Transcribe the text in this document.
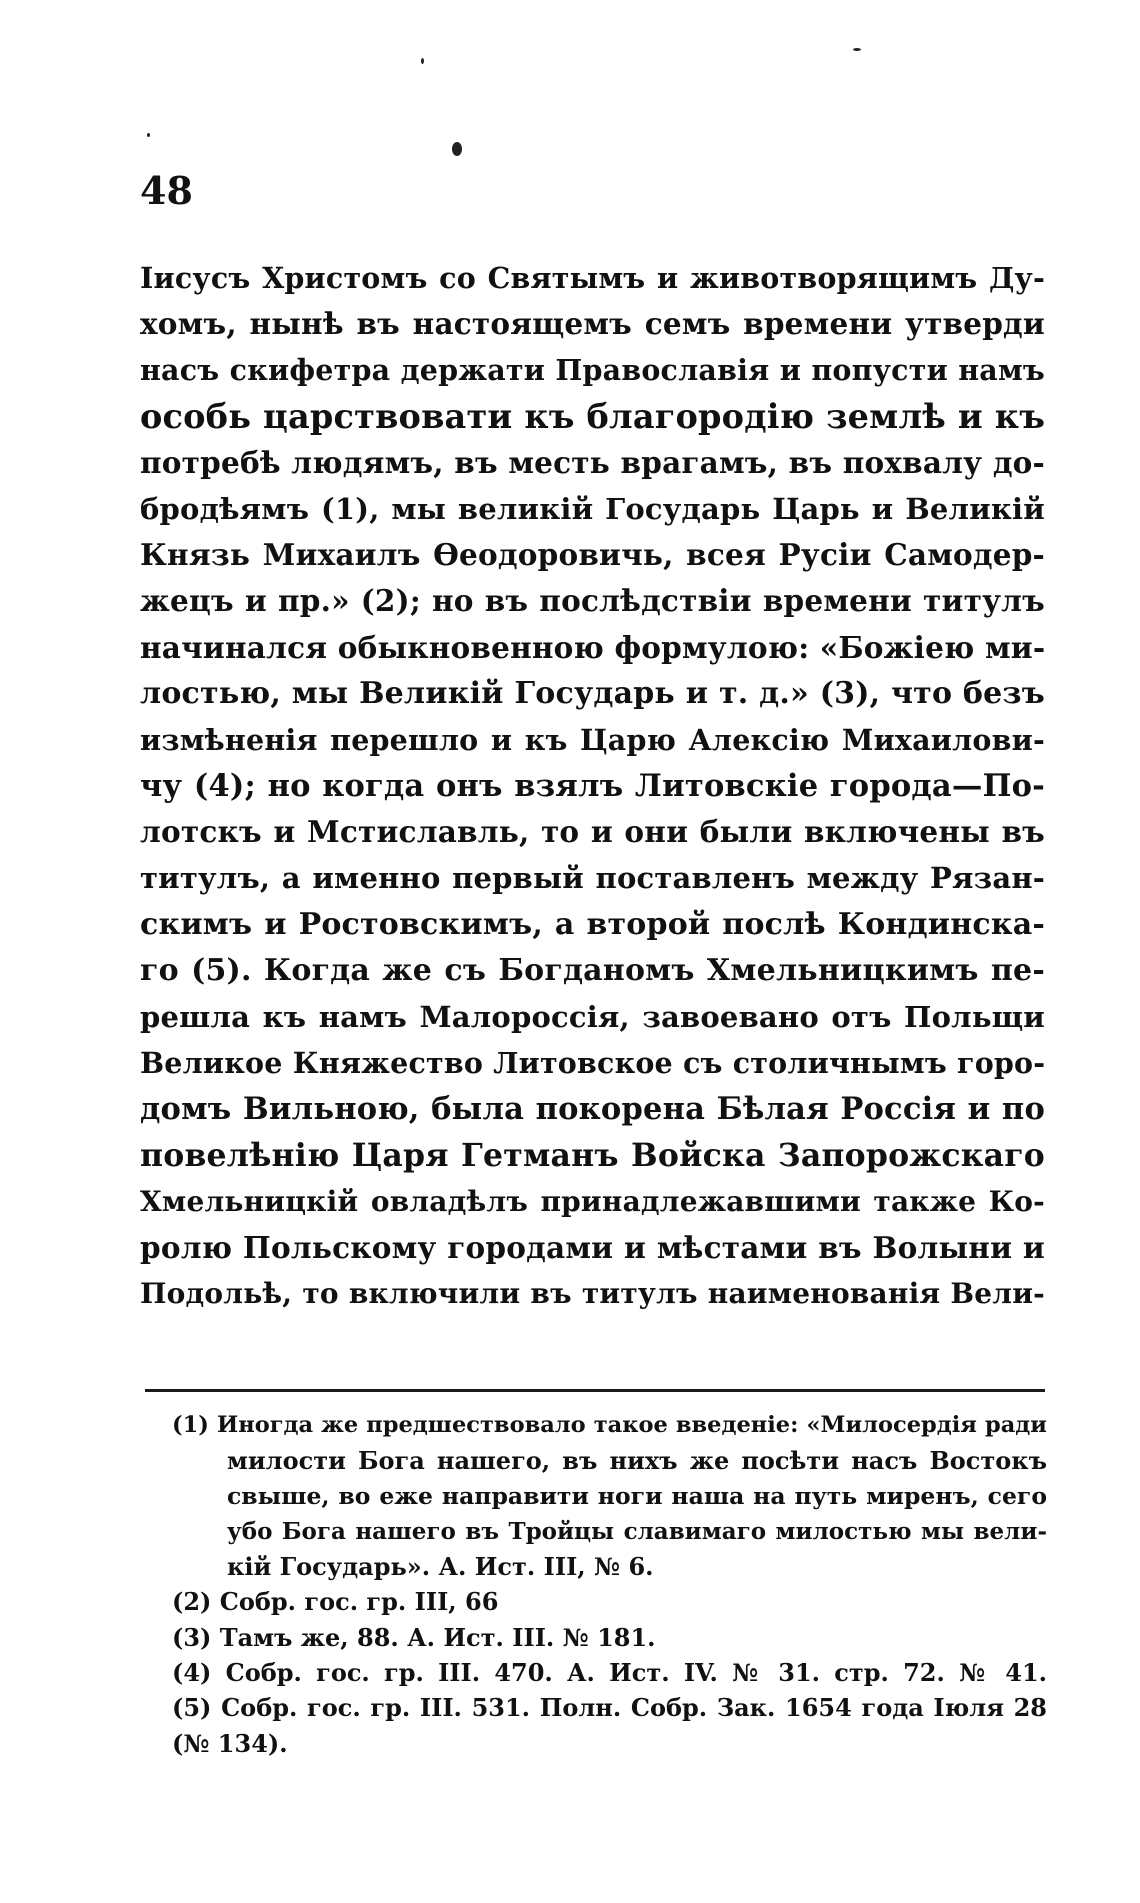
48
Іисусъ Христомъ со Святымъ и животворящимъ Ду-
хомъ, нынѣ въ настоящемъ семъ времени утверди
насъ скифетра держати Православія и попусти намъ
особь царствовати къ благородію землѣ и къ
потребѣ людямъ, въ месть врагамъ, въ похвалу до-
бродѣямъ (1), мы великій Государь Царь и Великій
Князь Михаилъ Ѳеодоровичь, всея Русіи Самодер-
жецъ и пр.» (2); но въ послѣдствіи времени титулъ
начинался обыкновенною формулою: «Божіею ми-
лостью, мы Великій Государь и т. д.» (3), что безъ
измѣненія перешло и къ Царю Алексію Михаилови-
чу (4); но когда онъ взялъ Литовскіе города—По-
лотскъ и Мстиславль, то и они были включены въ
титулъ, а именно первый поставленъ между Рязан-
скимъ и Ростовскимъ, а второй послѣ Кондинска-
го (5). Когда же съ Богданомъ Хмельницкимъ пе-
решла къ намъ Малороссія, завоевано отъ Польщи
Великое Княжество Литовское съ столичнымъ горо-
домъ Вильною, была покорена Бѣлая Россія и по
повелѣнію Царя Гетманъ Войска Запорожскаго
Хмельницкій овладѣлъ принадлежавшими также Ко-
ролю Польскому городами и мѣстами въ Волыни и
Подольѣ, то включили въ титулъ наименованія Вели-
(1) Иногда же предшествовало такое введеніе: «Милосердія ради
милости Бога нашего, въ нихъ же посѣти насъ Востокъ
свыше, во еже направити ноги наша на путь миренъ, сего
убо Бога нашего въ Тройцы славимаго милостью мы вели-
кій Государь». А. Ист. III, № 6.
(2) Собр. гос. гр. III, 66
(3) Тамъ же, 88. А. Ист. III. № 181.
(4) Собр. гос. гр. III. 470. А. Ист. IV. № 31. стр. 72. № 41.
(5) Собр. гос. гр. III. 531. Полн. Собр. Зак. 1654 года Іюля 28
(№ 134).
